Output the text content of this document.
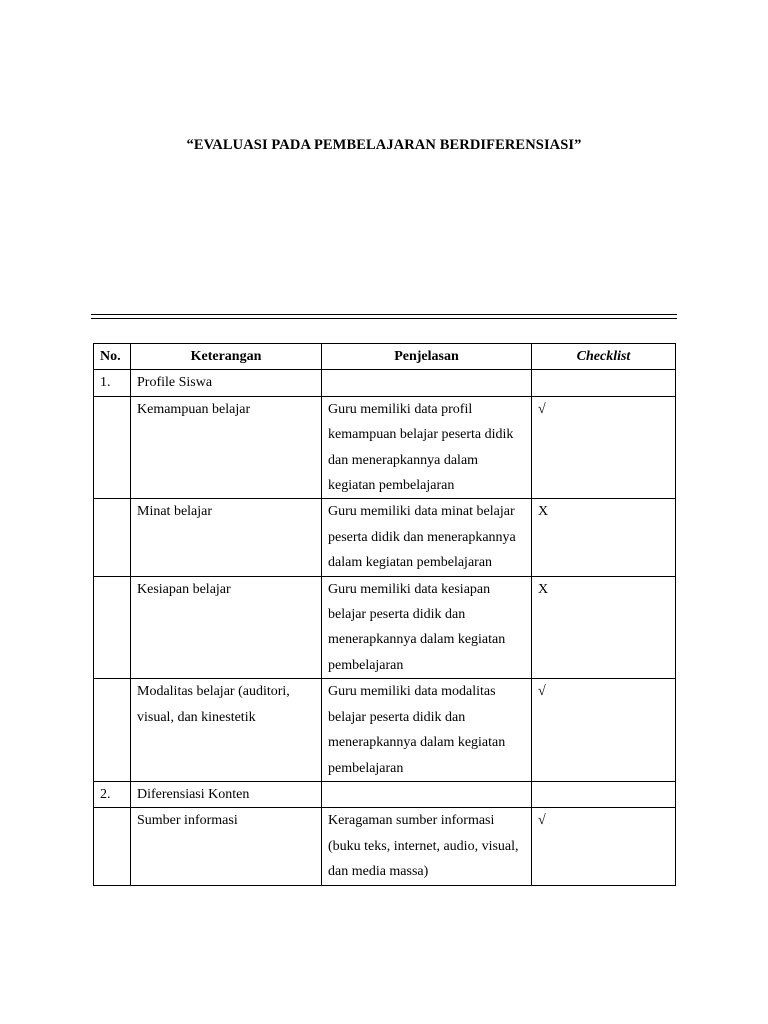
“EVALUASI PADA PEMBELAJARAN BERDIFERENSIASI”
No.	Keterangan	Penjelasan	Checklist
1.	Profile Siswa		
	Kemampuan belajar	Guru memiliki data profil kemampuan belajar peserta didik dan menerapkannya dalam kegiatan pembelajaran	√
	Minat belajar	Guru memiliki data minat belajar peserta didik dan menerapkannya dalam kegiatan pembelajaran	X
	Kesiapan belajar	Guru memiliki data kesiapan belajar peserta didik dan menerapkannya dalam kegiatan pembelajaran	X
	Modalitas belajar (auditori, visual, dan kinestetik	Guru memiliki data modalitas belajar peserta didik dan menerapkannya dalam kegiatan pembelajaran	√
2.	Diferensiasi Konten		
	Sumber informasi	Keragaman sumber informasi (buku teks, internet, audio, visual, dan media massa)	√
